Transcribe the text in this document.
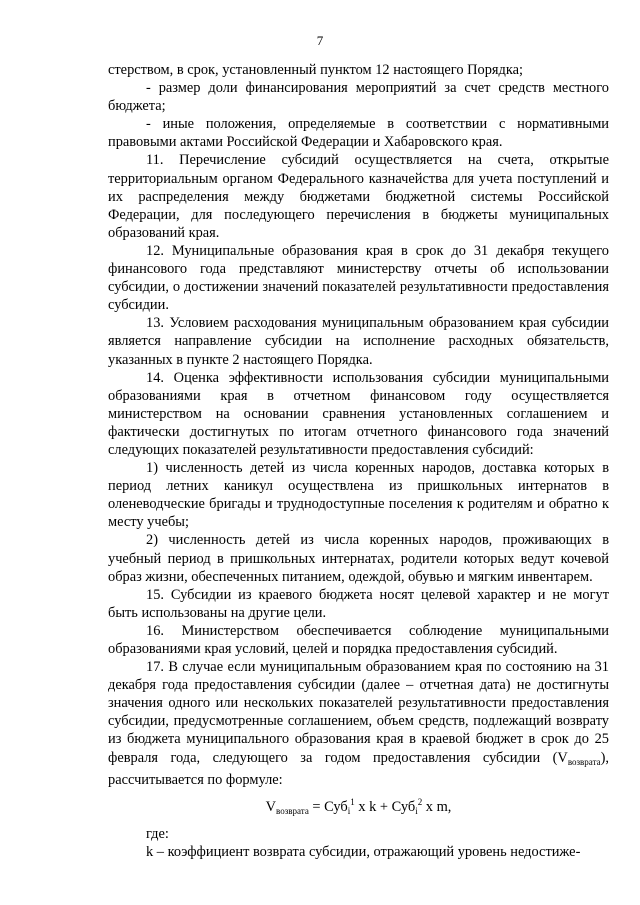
7

стерством, в срок, установленный пунктом 12 настоящего Порядка;

- размер доли финансирования мероприятий за счет средств местного бюджета;

- иные положения, определяемые в соответствии с нормативными правовыми актами Российской Федерации и Хабаровского края.

11. Перечисление субсидий осуществляется на счета, открытые территориальным органом Федерального казначейства для учета поступлений и их распределения между бюджетами бюджетной системы Российской Федерации, для последующего перечисления в бюджеты муниципальных образований края.

12. Муниципальные образования края в срок до 31 декабря текущего финансового года представляют министерству отчеты об использовании субсидии, о достижении значений показателей результативности предоставления субсидии.

13. Условием расходования муниципальным образованием края субсидии является направление субсидии на исполнение расходных обязательств, указанных в пункте 2 настоящего Порядка.

14. Оценка эффективности использования субсидии муниципальными образованиями края в отчетном финансовом году осуществляется министерством на основании сравнения установленных соглашением и фактически достигнутых по итогам отчетного финансового года значений следующих показателей результативности предоставления субсидий:

1) численность детей из числа коренных народов, доставка которых в период летних каникул осуществлена из пришкольных интернатов в оленеводческие бригады и труднодоступные поселения к родителям и обратно к месту учебы;

2) численность детей из числа коренных народов, проживающих в учебный период в пришкольных интернатах, родители которых ведут кочевой образ жизни, обеспеченных питанием, одеждой, обувью и мягким инвентарем.

15. Субсидии из краевого бюджета носят целевой характер и не могут быть использованы на другие цели.

16. Министерством обеспечивается соблюдение муниципальными образованиями края условий, целей и порядка предоставления субсидий.

17. В случае если муниципальным образованием края по состоянию на 31 декабря года предоставления субсидии (далее – отчетная дата) не достигнуты значения одного или нескольких показателей результативности предоставления субсидии, предусмотренные соглашением, объем средств, подлежащий возврату из бюджета муниципального образования края в краевой бюджет в срок до 25 февраля года, следующего за годом предоставления субсидии $(V_{возврата})$, рассчитывается по формуле:

$V_{возврата} = Суб_i^1$ x k + Суб$_i^2$ x m,

где:

k – коэффициент возврата субсидии, отражающий уровень недостиже-
